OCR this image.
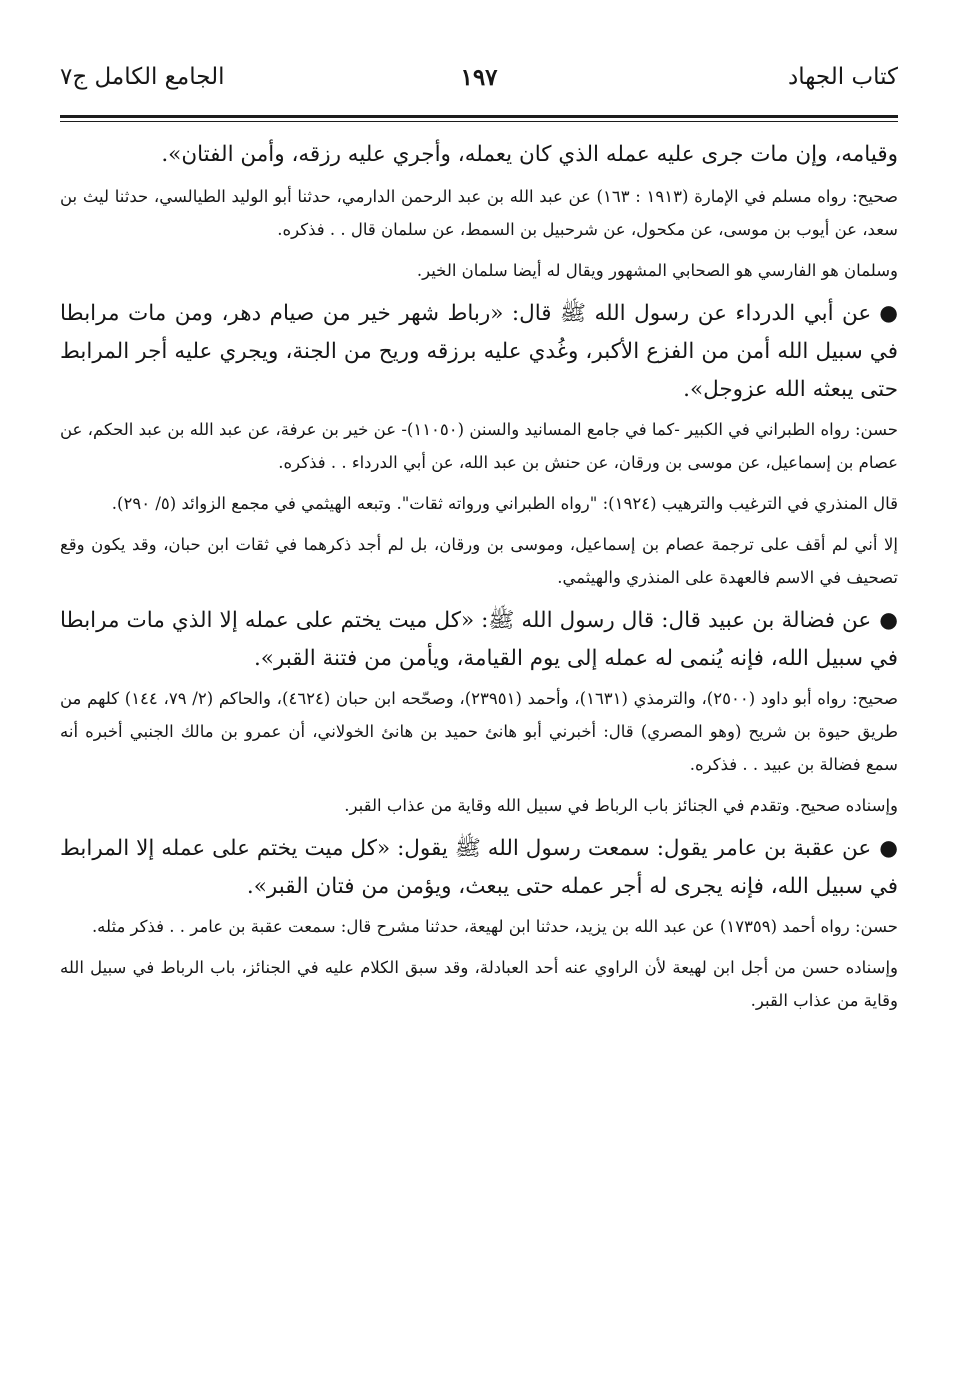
كتاب الجهاد
١٩٧
الجامع الكامل ج٧

وقيامه، وإن مات جرى عليه عمله الذي كان يعمله، وأجري عليه رزقه، وأمن الفتان».

صحيح: رواه مسلم في الإمارة (١٩١٣ : ١٦٣) عن عبد الله بن عبد الرحمن الدارمي، حدثنا أبو الوليد الطيالسي، حدثنا ليث بن سعد، عن أيوب بن موسى، عن مكحول، عن شرحبيل بن السمط، عن سلمان قال . . فذكره.

وسلمان هو الفارسي هو الصحابي المشهور ويقال له أيضا سلمان الخير.

●عن أبي الدرداء عن رسول الله ﷺ قال: «رباط شهر خير من صيام دهر، ومن مات مرابطا في سبيل الله أمن من الفزع الأكبر، وغُدي عليه برزقه وريح من الجنة، ويجري عليه أجر المرابط حتى يبعثه الله عزوجل».

حسن: رواه الطبراني في الكبير -كما في جامع المسانيد والسنن (١١٠٥٠)- عن خير بن عرفة، عن عبد الله بن عبد الحكم، عن عصام بن إسماعيل، عن موسى بن ورقان، عن حنش بن عبد الله، عن أبي الدرداء . . فذكره.

قال المنذري في الترغيب والترهيب (١٩٢٤): "رواه الطبراني ورواته ثقات". وتبعه الهيثمي في مجمع الزوائد (٥/ ٢٩٠).

إلا أني لم أقف على ترجمة عصام بن إسماعيل، وموسى بن ورقان، بل لم أجد ذكرهما في ثقات ابن حبان، وقد يكون وقع تصحيف في الاسم فالعهدة على المنذري والهيثمي.

●عن فضالة بن عبيد قال: قال رسول الله ﷺ: «كل ميت يختم على عمله إلا الذي مات مرابطا في سبيل الله، فإنه يُنمى له عمله إلى يوم القيامة، ويأمن من فتنة القبر».

صحيح: رواه أبو داود (٢٥٠٠)، والترمذي (١٦٣١)، وأحمد (٢٣٩٥١)، وصحّحه ابن حبان (٤٦٢٤)، والحاكم (٢/ ٧٩، ١٤٤) كلهم من طريق حيوة بن شريح (وهو المصري) قال: أخبرني أبو هانئ حميد بن هانئ الخولاني، أن عمرو بن مالك الجنبي أخبره أنه سمع فضالة بن عبيد . . فذكره.

وإسناده صحيح. وتقدم في الجنائز باب الرباط في سبيل الله وقاية من عذاب القبر.

●عن عقبة بن عامر يقول: سمعت رسول الله ﷺ يقول: «كل ميت يختم على عمله إلا المرابط في سبيل الله، فإنه يجرى له أجر عمله حتى يبعث، ويؤمن من فتان القبر».

حسن: رواه أحمد (١٧٣٥٩) عن عبد الله بن يزيد، حدثنا ابن لهيعة، حدثنا مشرح قال: سمعت عقبة بن عامر . . فذكر مثله.

وإسناده حسن من أجل ابن لهيعة لأن الراوي عنه أحد العبادلة، وقد سبق الكلام عليه في الجنائز، باب الرباط في سبيل الله وقاية من عذاب القبر.
